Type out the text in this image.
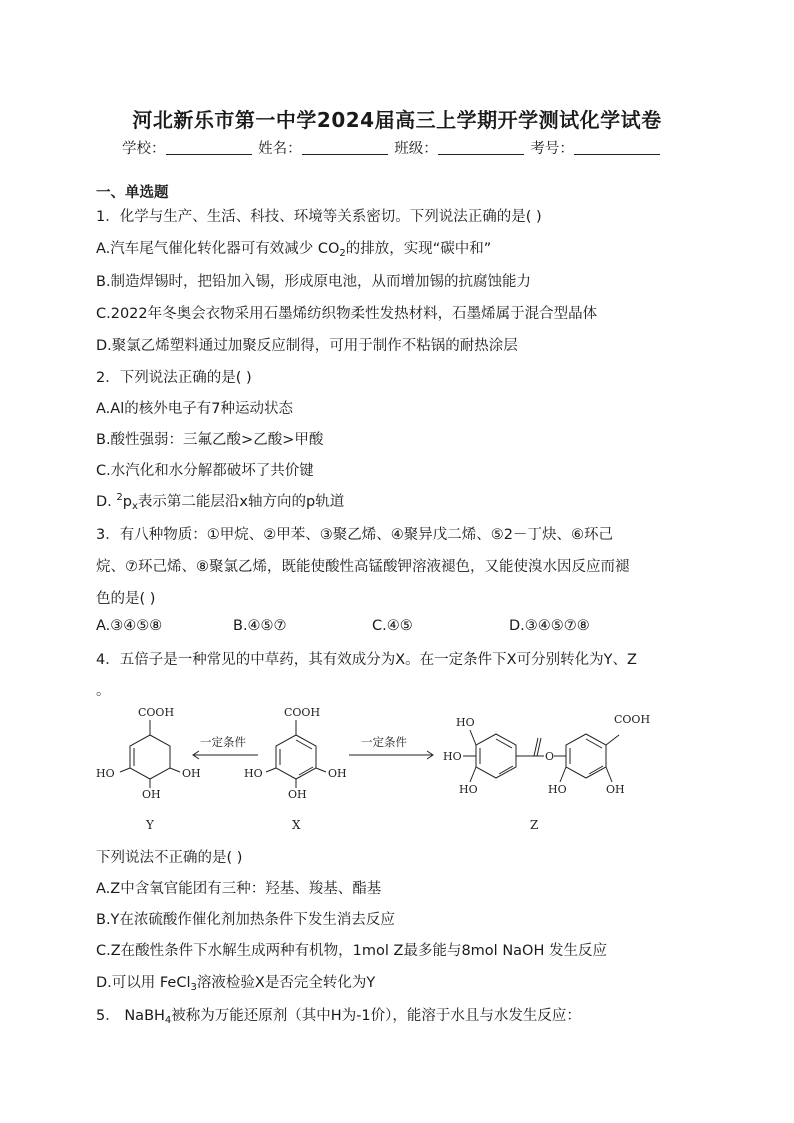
河北新乐市第一中学2024届高三上学期开学测试化学试卷
学校：	姓名：	班级：	考号：
一、单选题
1．化学与生产、生活、科技、环境等关系密切。下列说法正确的是( )
A.汽车尾气催化转化器可有效减少 $CO_2$的排放，实现“碳中和”
B.制造焊锡时，把铅加入锡，形成原电池，从而增加锡的抗腐蚀能力
C.2022年冬奥会衣物采用石墨烯纺织物柔性发热材料，石墨烯属于混合型晶体
D.聚氯乙烯塑料通过加聚反应制得，可用于制作不粘锅的耐热涂层
2．下列说法正确的是( )
A.Al的核外电子有7种运动状态
B.酸性强弱：三氟乙酸>乙酸>甲酸
C.水汽化和水分解都破坏了共价键
D. $^2p_x$表示第二能层沿x轴方向的p轨道
3．有八种物质：①甲烷、②甲苯、③聚乙烯、④聚异戊二烯、⑤2－丁炔、⑥环己
烷、⑦环己烯、⑧聚氯乙烯，既能使酸性高锰酸钾溶液褪色，又能使溴水因反应而褪
色的是( )
A.③④⑤⑧	B.④⑤⑦	C.④⑤	D.③④⑤⑦⑧
4．五倍子是一种常见的中草药，其有效成分为X。在一定条件下X可分别转化为Y、Z
。
COOH
HO	OH
OH
Y
一定条件
COOH
HO	OH
OH
X
一定条件
HO
HO
HO
O
COOH
HO	OH
Z
下列说法不正确的是( )
A.Z中含氧官能团有三种：羟基、羧基、酯基
B.Y在浓硫酸作催化剂加热条件下发生消去反应
C.Z在酸性条件下水解生成两种有机物，1mol Z最多能与8mol NaOH 发生反应
D.可以用 FeCl$_3$溶液检验X是否完全转化为Y
5． NaBH$_4$被称为万能还原剂（其中H为-1价），能溶于水且与水发生反应：
